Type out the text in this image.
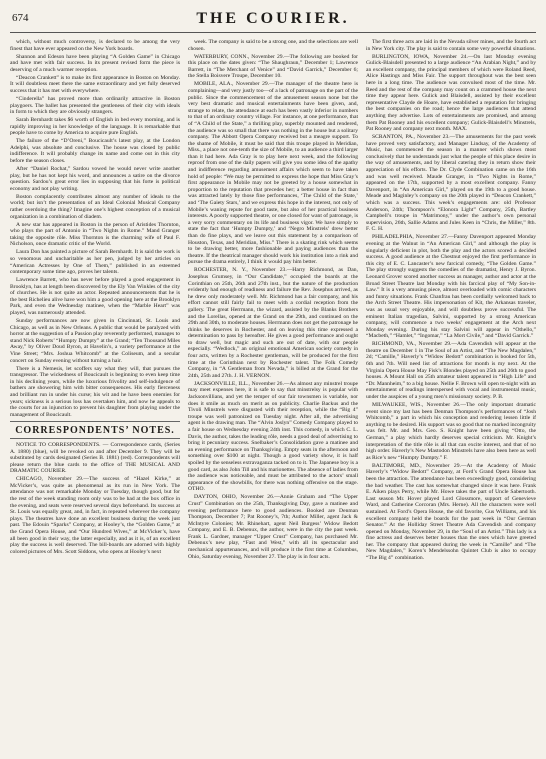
674	THE COURIER.

which, without much controversy, is declared to be among the very finest that have ever appeared on the New York boards.

Shannon and Edeson have been playing “A Golden Game” in Chicago and have met with fair success. In its present revised form the piece is deserving of a much warmer reception.

“Deacon Crankett” is to make its first appearance in Boston on Monday. It will doubtless meet there the same extraordinary and yet fully deserved success that it has met with everywhere.

“Cinderella” has proved more than ordinarily attractive in Boston playgoers. The ballet has presented the gentleness of their city with ideals in form to which they are obviously strangers.

Sarah Bernhardt takes $6 worth of English in bed every morning, and is rapidly improving in her knowledge of the language. It is remarkable that people have to come by America to acquire pure English.

The failure of the “D’Oreni,” Boucicault’s latest play, at the London Adelphi, was absolute and conclusive. The house was closed by public indifference. It will probably change its name and come out in this city before the season closes.

After “Daniel Rochat,” Sardou vowed he would never write another play, but he has not kept his word, and announces a satire on the divorce question. Sardou’s great error lies in supposing that his forte is political economy and not play writing.

Boston complacently contributes almost any number of ideals to the world; but isn’t the presentation of an Ideal Colonial Musical Company rather overdoing the thing? Imagine one’s highest conception of a musical organization in a combination of diadem.

A new star has appeared in Boston in the person of Aristides Thornton, who plays the part of Antonio in “Two Nights in Rome.” Mand Granger taking the opposite rôle. Miss Thornton is the charming wife of Paul F. Nicholson, once dramatic critic of the World.

Laura Don has painted a picture of Sarah Bernhardt. It is said the work is so venomous and uncharitable as her pen, judged by her articles on “American Actresses by One of Them,” published in an esteemed contemporary some time ago, proves her talents.

Lawrence Barrett, who has never before played a good engagement in Brooklyn, has at length been discovered by the Ely Van Winkles of the city of churches. He is not quite an actor. Repeated announcements that he is the best Richelieu alive have won him a good opening here at the Brooklyn Park, and even the Wednesday matinee, when the “Marble Heart” was played, was numerously attended.

Sunday performances are now given in Cincinnati, St. Louis and Chicago, as well as in New Orleans. A public that would be paralyzed with horror at the suggestion of a Passion play reverently performed, manages to stand Nick Roberts’ “Humpty Dumpty” at the Grand; “Ten Thousand Miles Away,” by Oliver Doud Byron, at Havelin’s, a variety performance at the Vine Street; “Mrs. Joshua Whitcomb” at the Coliseum, and a secular concert on Sunday evening without turning a hair.

There is a Nemesis, let scoffers say what they will, that pursues the transgressor. The wickedness of Boucicault is beginning to even keep time in his declining years, while the luxurious frivolity and self-indulgence of bathers are showering him with bitter consequences. His early fierceness and brilliant run in under his curse; his wit and he have been enemies for years; sickness is a serious loss has overtaken him, and now he appeals to the courts for an injunction to prevent his daughter from playing under the management of Boucicault.

CORRESPONDENTS’ NOTES.

NOTICE TO CORRESPONDENTS. — Correspondence cards, (Series A. 1880) (blue), will be revoked on and after December 9. They will be substituted by cards designated (Series B. 1881) (red). Correspondents will please return the blue cards to the office of THE MUSICAL AND DRAMATIC COURIER.

CHICAGO, November 29.—The success of “Hazel Kirke,” at McVicker’s, was quite as phenomenal as its run in New York. The attendance was not remarkable Monday or Tuesday, though good, but for the rest of the week standing room only was to be had at the box office in the evening, and seats were reserved several days beforehand. Its success at St. Louis was equally great, and, in fact, in repeated wherever the company plays. The theatres have done an excellent business during the week just past. The Edouin “Sparks” Company, at Hooley’s, the “Golden Game,” at the Grand Opera House, and “Our Hundred Wives,” at McVicker’s, have all been good in their way, the latter especially, and as it is, of an excellent play the success is well deserved. The bill-boards are adorned with highly colored pictures of Mrs. Scott Siddons, who opens at Hooley’s next

week. The company is said to be a strong one, and the selections are well chosen.

WATERBURY, CONN., November 29.—The following are booked for this place on the dates given: “The Shaughraun,” December 1; Lawrence Barrett, in “The Merchant of Venice” and “David Garrick,” December 6; the Stella Boisvere Troupe, December 10.

MOBILE, ALA., November 29.—The manager of the theatre here is complaining—and very justly too—of a lack of patronage on the part of the public. Since the commencement of the amusement season none but the very best dramatic and musical entertainments have been given, and, strange to relate, the attendance at each has been vastly inferior in numbers to that of an ordinary country village. For instance, at one performance, that of “A Child of the State,” a thrilling play, superbly mounted and rendered, the audience was so small that there was nothing in the house but a solitary company. The Abbott Opera Company received but a meagre support. To the shame of Mobile, it must be said that this troupe played in Meridian, Miss., a place not one-tenth the size of Mobile, to an audience a third larger than it had here. Ada Gray is to play here next week, and the following reproof from one of the daily papers will give you some idea of the apathy and indifference regarding amusement affairs which seem to have taken hold of people: “We may be permitted to express the hope that Miss Gray’s first appearance in Mobile may not be greeted by a house somewhat in proportion to the reputation that precedes her; a better house in fact than was attracted lately by those fine performances, ‘The Child of the State,’ and ‘The Gaiety Stars,’ and we express this hope in the interest, not only of Mobile’s waning repute for good taste, but also of her practical business interests. A poorly supported theatre, or one closed for want of patronage, is a very sorry commentary on its life and business vigor. We have simply to state the fact that ‘Humpty Dumpty,’ and ‘Negro Minstrels’ drew better than do fine plays, and we leave out this statement by a comparison of Houston, Texas, and Meridian, Miss.” There is a skating rink which seems to be drawing better, more fashionable and paying audiences than the theatre. If the theatrical manager should work his institution into a rink and pursue the drama entirely, I think it would pay him better.

ROCHESTER, N. Y., November 23.—Harry Richmond, as Dan, Josephus Grumsey, in “Our Candidate,” occupied the boards at the Corinthian on 25th, 26th and 27th inst., but the nature of the production evidently had enough of readiness and failure the Rev. Josephus arrived, as he drew only moderately well. Mr. Richmond has a fair company, and his effort cannot still fairly fail to meet with a cordial reception from the gallery. The great Herrmann, the wizard, assisted by the Blanks Brothers and the Lorellas, opened at the Grand on the 29th, and continued on the 29th and 30th, to moderate houses. Herrmann does not get the patronage he thinks he deserves in Rochester, and on leaving this time expressed a determination to pass by hereafter. He gives a good performance and ought to draw well, but magic and such are out of date, with our people especially. “Wedlock,” an original emotional American society comedy in four acts, written by a Rochester gentleman, will be produced for the first time at the Corinthian next by Rochester talent. The Folk Comedy Company, in “A Gentleman from Nevada,” is billed at the Grand for the 24th, 25th and 27th. J. H. VERNON.

JACKSONVILLE, ILL., November 26.—As almost any minstrel troupe may meet expenses here, it is safe to say that minstrelsy is popular with Jacksonvillians, and yet the temper of our fair townsmen is variable, nor does it smile as much on merit as on publicity. Charlie Backus and the Tivoli Minstrels were disgusted with their reception, while the “Big 4” troupe was well patronized on Tuesday night. After all, the advertising agent is the drawing man. The “Alvin Joslyn” Comedy Company played to a fair house on Wednesday evening 24th inst. This comedy, in which C. L. Davis, the author, takes the leading rôle, needs a good deal of advertising to bring it pecuniary success. Snelbaker’s Consolidation gave a matinee and an evening performance on Thanksgiving. Empty seats in the afternoon and something over $100 at night. Though a good variety show, it is half spoiled by the senseless extravaganza tacked on to it. The Japanese boy is a good card, as also John Till and his marionettes. The absence of ladies from the audience was noticeable, and must be attributed to the actors’ small appearance of the showbills, for there was nothing offensive on the stage. OTHO.

DAYTON, OHIO, November 26.—Annie Graham and “The Upper Crust” Combination on the 25th, Thanksgiving Day, gave a matinee and evening performance here to good audiences. Booked are Denman Thompson, December 7; Pat Rooney’s, 7th; Author Miller, agent Jack & McIntyre Colonies; Mr. Rhinehart, agent Neil Burgess’ Widow Bedott Company, and E. B. Debenux, the author, were in the city the past week. Frank L. Gardner, manager “Upper Crust” Company, has purchased Mr. Debenux’s new play, “Fast and West,” with all its spectacular and mechanical appurtenances, and will produce it the first time at Columbus, Ohio, Saturday evening, November 27. The play is in four acts.

The first three acts are laid in the Nevada silver mines, and the fourth act in New York city. The play is said to contain some very powerful situations.

BURLINGTON, IOWA, November 24.—On last Monday evening Gulick-Blaisdell presented to a large audience “An Arabian Night,” and by an excellent company, the principal members of which were Roland Reed, Alice Hastings and Miss Fair. The support throughout was the best seen here in a long time. The audience was convulsed most of the time. Mr. Reed and the rest of the company may count on a crammed house the next time they appear here. Gulick and Blaisdell, assisted by their excellent representative Clayde de Hoare, have established a reputation for bringing the best companies on the road; hence the large audiences that attend anything they advertise. Lots of entertainments are promised, and among them Pat Rooney and his excellent company; Gulick-Blaisdell’s Minstrels, Pat Rooney and company next month. MAX.

SCRANTON, PA., November 23.—The amusements for the past week have proved very satisfactory, and Manager Lindsay, of the Academy of Music, has commenced the season in a manner which shows most conclusively that he understands just what the people of this place desire in the way of amusements, and by liberal catering they in return show their appreciation of his efforts. The Dr. Clyde Combination came on the 16th and was well received. Maude Granger, in “Two Nights in Rome,” appeared on the 17th, supported by a most excellent company. Fanny Davenport, in “An American Girl,” played on the 19th to a good house. Meade and Maginley’s company on the 20th played in “Deacon Crankett,” which was a success. This week’s engagements are: old Professor Anderson, 24th; Thompson’s “Elonora Light” Company, 25th, Bartley Campbell’s troupe in “Matrimony,” under the author’s own personal supervision, 26th, Sallie Adams and Jules Keen in “Chris, the Miller,” 8th. F. C. H.

PHILADELPHIA, November 27.—Fanny Davenport appeared Monday evening at the Walnut in “An American Girl,” and although the play is singularly deficient in plot, both the play and the actors scored a decided success. A good audience at the Chestnut enjoyed the first performance in this city of E. C. Lancaster’s new farcical comedy, “The Golden Game.” The play strongly suggests the comedies of the dramatist, Henry J. Byron. Leonard Grover scored another success as manager, author and actor at the Broad Street Theatre last Monday with his farcical play of “My Son-in-Law.” It is a very amusing piece, almost overloaded with comic characters and funny situations. Frank Chanfrau has been cordially welcomed back to the Arch Street Theatre. His impersonation of Kit, the Arkansas traveler, was as usual very enjoyable, and will doubtless prove successful. The eminent Italian tragedian, Salvini, supported by a strong American company, will commence a two weeks’ engagement at the Arch next Monday evening. During his stay Salvini will appear in “Othello,” “Macbeth,” “Hamlet,” “Ingomar,” “La Mort Civile,” and “David Garrick.”

RICHMOND, VA., November 29.—Ada Cavendish will appear at the theatre on December 1 in The Soul of an Artist, and “The New Magdalen,” 2d; “Camille,” Haverly’s “Widow Bedott” combination is booked for 5th, 6th and 7th. Will need list of attractions for month is my next. At the Virginia Opera House May Fisk’s Blondes played on 25th and 26th to good houses. A Mount Hall on 25th amateur talent appeared in “High Life” and “Dr. Mannheim,” to a big house. Nellie F. Brown will open to-night with an entertainment of readings interspersed with vocal and instrumental music, under the auspices of a young men’s missionary society. P. B.

MILWAUKEE, WIS., November 26.—The only important dramatic event since my last has been Denman Thompson’s performances of “Josh Whitcomb,” a part in which his conception and rendering lessen little if anything to be desired. His support was so good that no marked incongruity was felt. Mr. and Mrs. Geo. S. Knight have been giving “Otto, the German,” a play which hardly deserves special criticism. Mr. Knight’s interpretation of the title rôle is all that can excite interest, and that of no high order. Haverly’s New Mastodon Minstrels have also been here as well as Rice’s new “Humpty Dumpty.” F.

BALTIMORE, MD., November 29.—At the Academy of Music Haverly’s “Widow Bedott” Company, at Ford’s Grand Opera House has been the attraction. The attendance has been exceedingly good, considering the bad weather. The cast has somewhat changed since it was here. Frank E. Aiken plays Perry, while Mr. Howe takes the part of Uncle Sabertooth. Last season Mr. Hover played Lord Glossmore, support of Genevieve Ward, and Catherine Corcoran (Mrs. Herne). All the characters were well sustained. At Ford’s Opera House, the old favorite, Gus Williams, and his excellent company held the boards for the past week in “Our German Senator.” At the Holliday Street Theatre Ada Cavendish and company opened on Monday, November 29, in the “Soul of an Artist.” This lady is a fine actress and deserves better houses than the ones which have greeted her. The company that appeared during the week in “Camille” and “The New Magdalen,” Koren’s Mendelssohn Quintet Club is also to occupy “The Big 4” combination.
